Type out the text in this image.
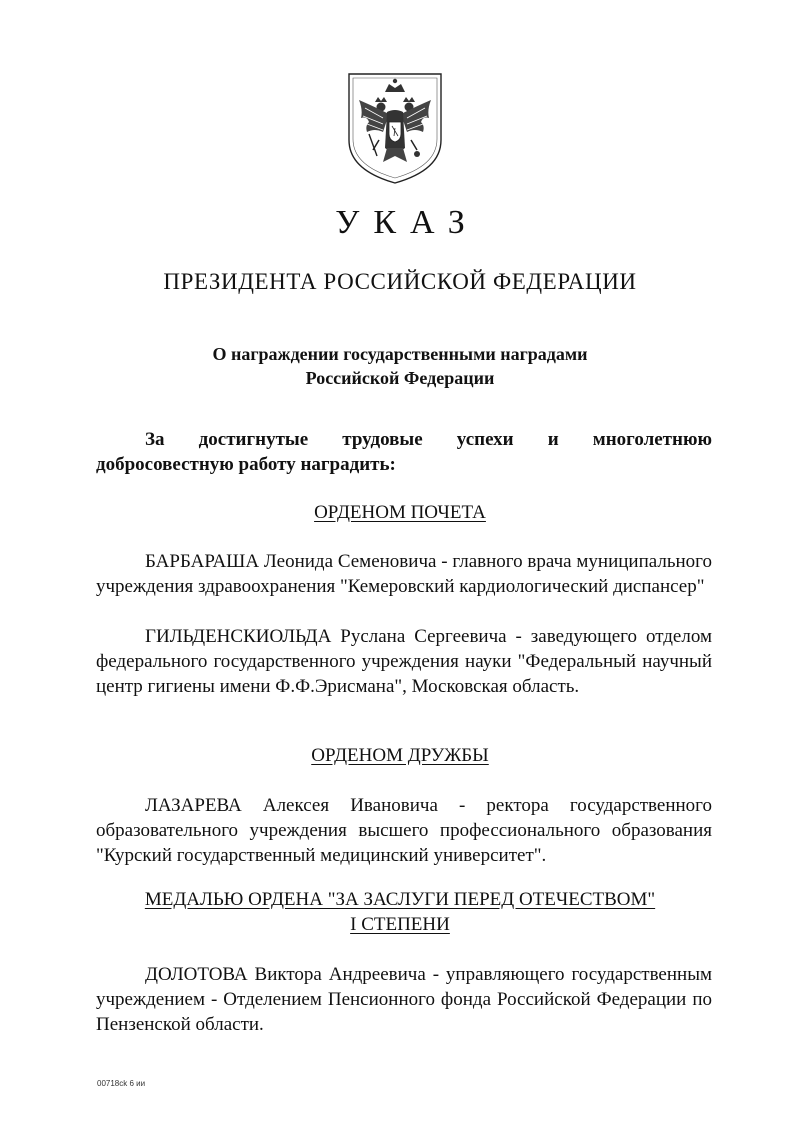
УКАЗ
ПРЕЗИДЕНТА РОССИЙСКОЙ ФЕДЕРАЦИИ
О награждении государственными наградами
Российской Федерации
За достигнутые трудовые успехи и многолетнюю
добросовестную работу наградить:
ОРДЕНОМ ПОЧЕТА
БАРБАРАША Леонида Семеновича - главного врача муниципального учреждения здравоохранения "Кемеровский кардиологический диспансер"
ГИЛЬДЕНСКИОЛЬДА Руслана Сергеевича - заведующего отделом федерального государственного учреждения науки "Федеральный научный центр гигиены имени Ф.Ф.Эрисмана", Московская область.
ОРДЕНОМ ДРУЖБЫ
ЛАЗАРЕВА Алексея Ивановича - ректора государственного образовательного учреждения высшего профессионального образования "Курский государственный медицинский университет".
МЕДАЛЬЮ ОРДЕНА "ЗА ЗАСЛУГИ ПЕРЕД ОТЕЧЕСТВОМ"
I СТЕПЕНИ
ДОЛОТОВА Виктора Андреевича - управляющего государственным учреждением - Отделением Пенсионного фонда Российской Федерации по Пензенской области.
00718ck 6 ии
